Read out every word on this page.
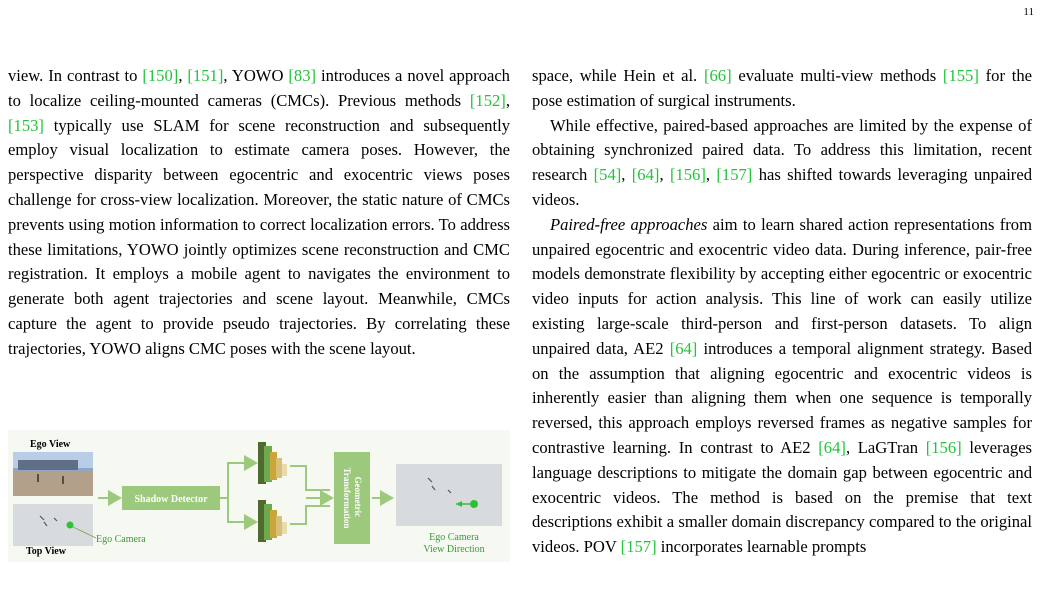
11

view. In contrast to [150], [151], YOWO [83] introduces a novel approach to localize ceiling-mounted cameras (CMCs). Previous methods [152], [153] typically use SLAM for scene reconstruction and subsequently employ visual localization to estimate camera poses. However, the perspective disparity between egocentric and exocentric views poses challenge for cross-view localization. Moreover, the static nature of CMCs prevents using motion information to correct localization errors. To address these limitations, YOWO jointly optimizes scene reconstruction and CMC registration. It employs a mobile agent to navigates the environment to generate both agent trajectories and scene layout. Meanwhile, CMCs capture the agent to provide pseudo trajectories. By correlating these trajectories, YOWO aligns CMC poses with the scene layout.

Ego View
Ego Camera
Top View
Shadow Detector	Geometric Transformation
Ego Camera
View Direction

space, while Hein et al. [66] evaluate multi-view methods [155] for the pose estimation of surgical instruments.

While effective, paired-based approaches are limited by the expense of obtaining synchronized paired data. To address this limitation, recent research [54], [64], [156], [157] has shifted towards leveraging unpaired videos.

Paired-free approaches aim to learn shared action representations from unpaired egocentric and exocentric video data. During inference, pair-free models demonstrate flexibility by accepting either egocentric or exocentric video inputs for action analysis. This line of work can easily utilize existing large-scale third-person and first-person datasets. To align unpaired data, AE2 [64] introduces a temporal alignment strategy. Based on the assumption that aligning egocentric and exocentric videos is inherently easier than aligning them when one sequence is temporally reversed, this approach employs reversed frames as negative samples for contrastive learning. In contrast to AE2 [64], LaGTran [156] leverages language descriptions to mitigate the domain gap between egocentric and exocentric videos. The method is based on the premise that text descriptions exhibit a smaller domain discrepancy compared to the original videos. POV [157] incorporates learnable prompts
